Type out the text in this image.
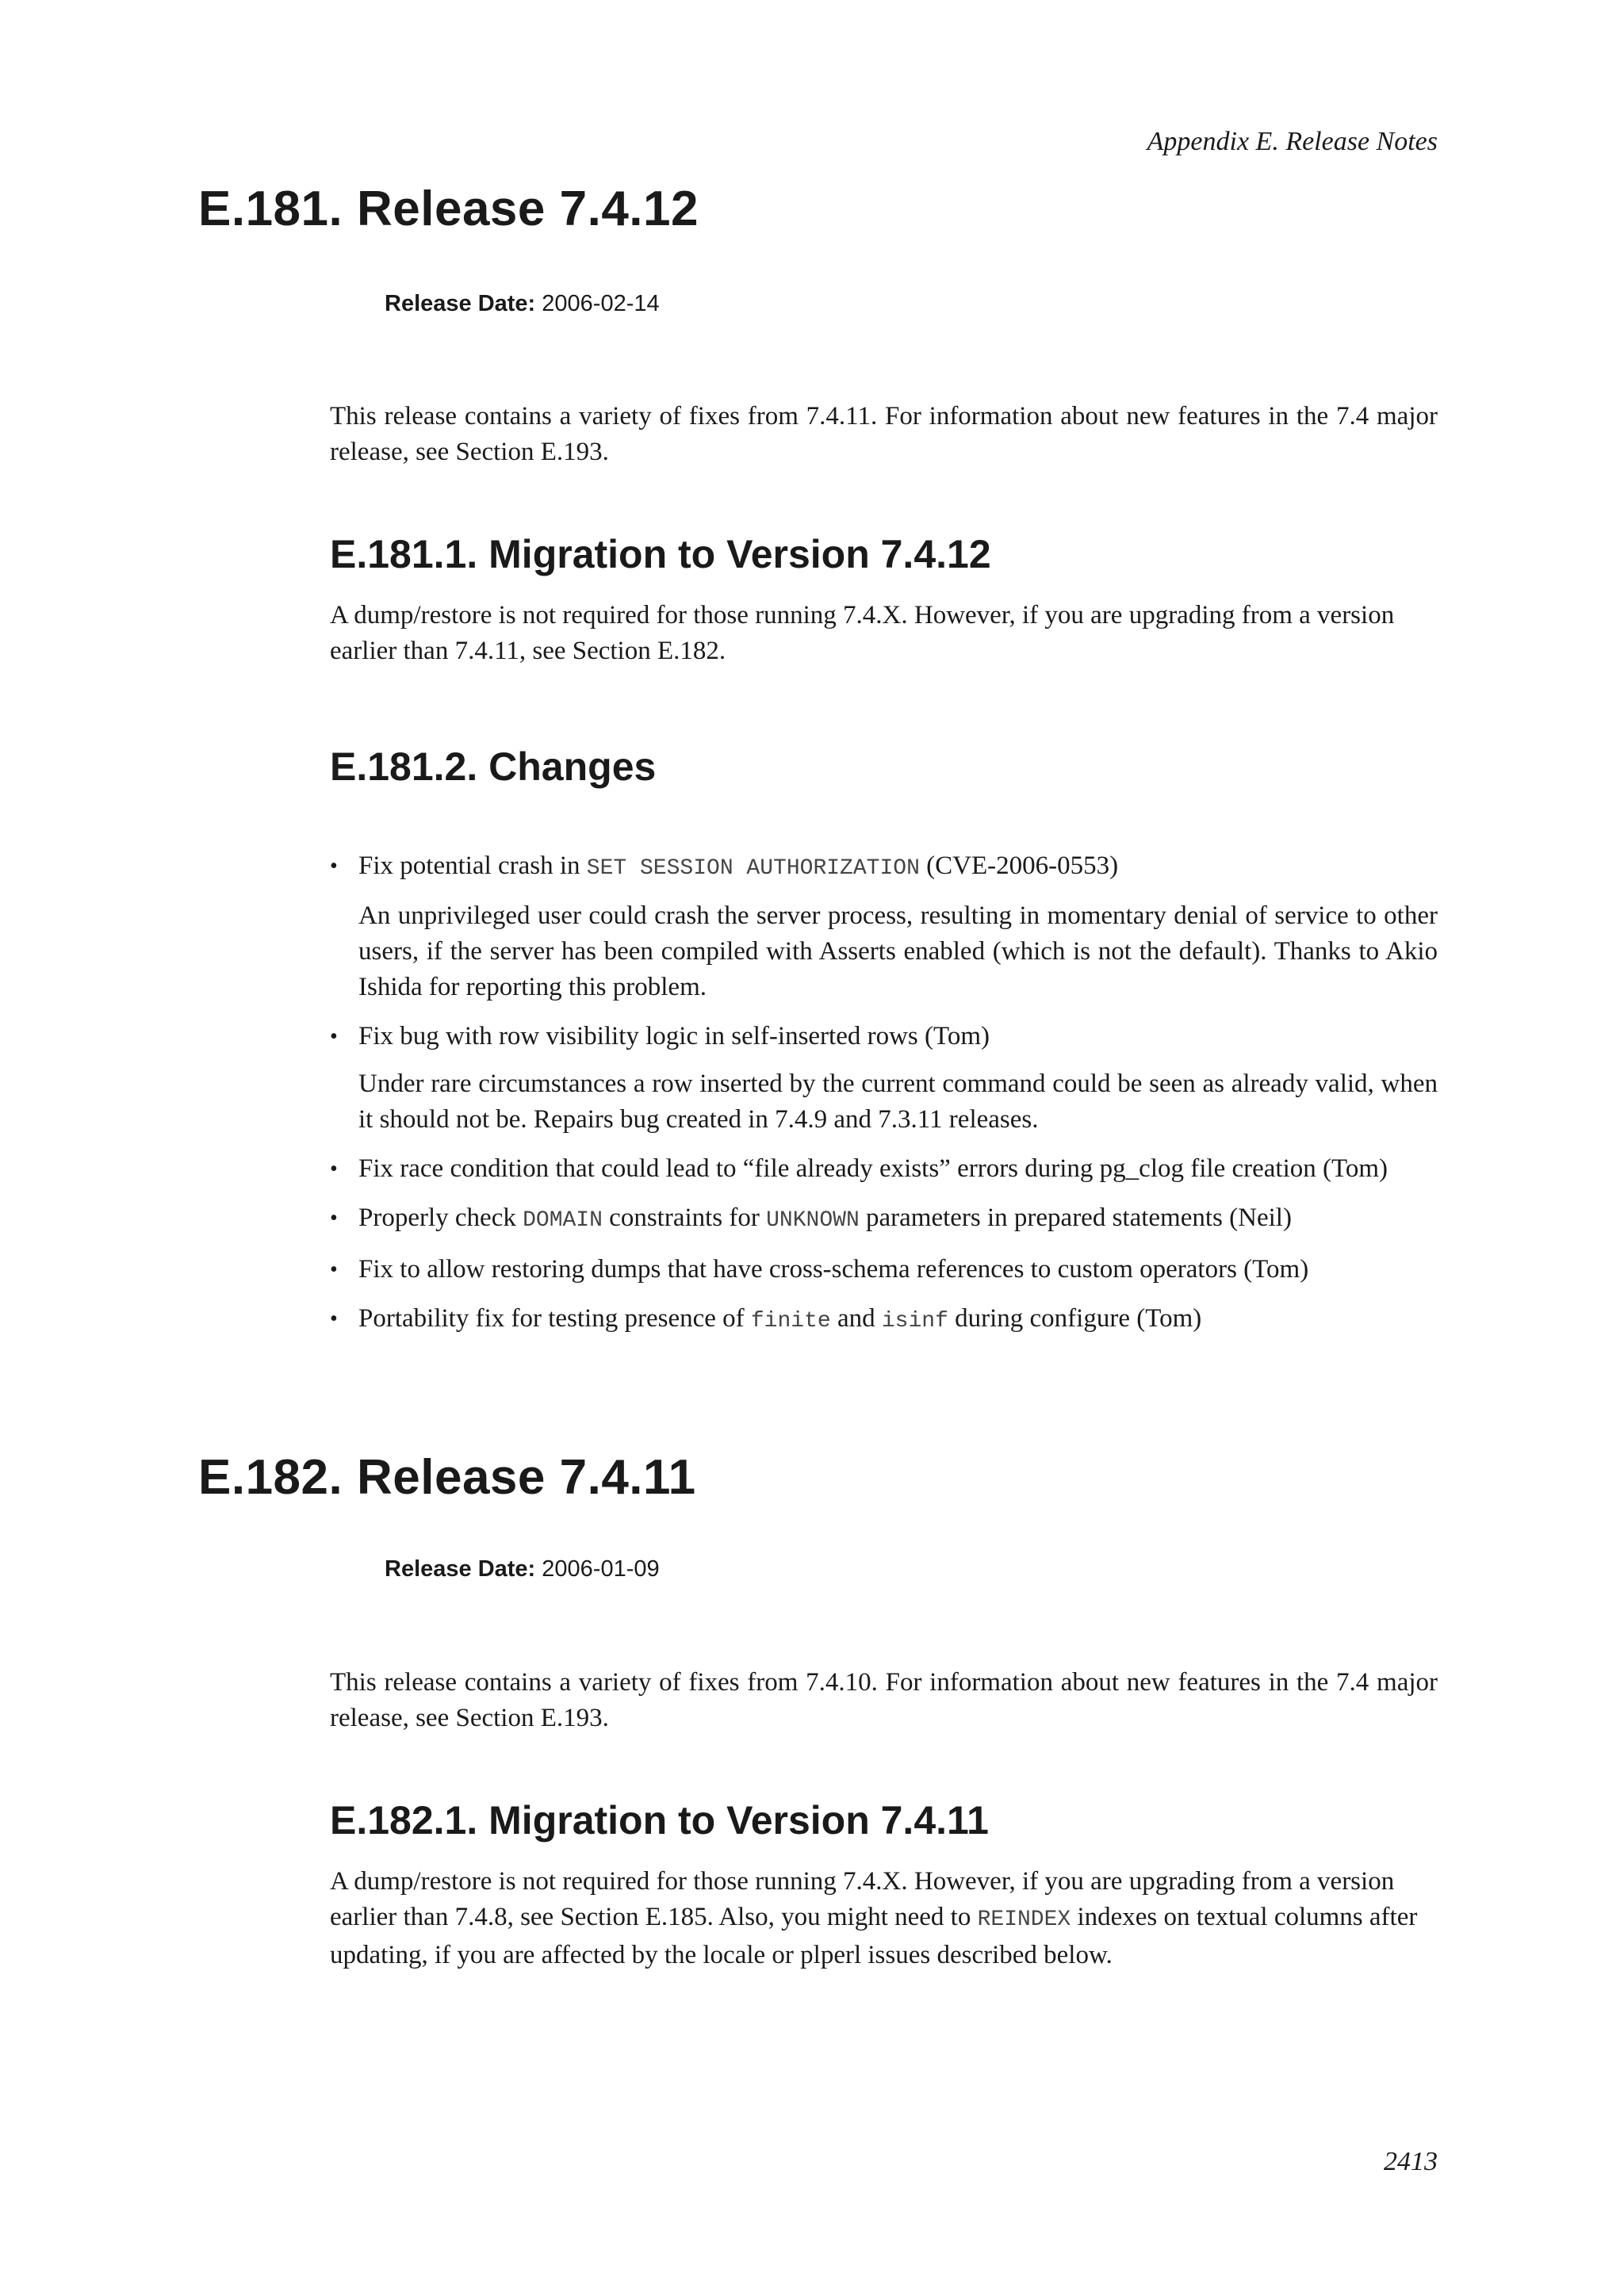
Appendix E. Release Notes
E.181. Release 7.4.12
Release Date: 2006-02-14

This release contains a variety of fixes from 7.4.11. For information about new features in the 7.4 major release, see Section E.193.

E.181.1. Migration to Version 7.4.12

A dump/restore is not required for those running 7.4.X. However, if you are upgrading from a version earlier than 7.4.11, see Section E.182.

E.181.2. Changes
• Fix potential crash in SET SESSION AUTHORIZATION (CVE-2006-0553)
An unprivileged user could crash the server process, resulting in momentary denial of service to other users, if the server has been compiled with Asserts enabled (which is not the default). Thanks to Akio Ishida for reporting this problem.
• Fix bug with row visibility logic in self-inserted rows (Tom)
Under rare circumstances a row inserted by the current command could be seen as already valid, when it should not be. Repairs bug created in 7.4.9 and 7.3.11 releases.
• Fix race condition that could lead to “file already exists” errors during pg_clog file creation (Tom)
• Properly check DOMAIN constraints for UNKNOWN parameters in prepared statements (Neil)
• Fix to allow restoring dumps that have cross-schema references to custom operators (Tom)
• Portability fix for testing presence of finite and isinf during configure (Tom)
E.182. Release 7.4.11
Release Date: 2006-01-09

This release contains a variety of fixes from 7.4.10. For information about new features in the 7.4 major release, see Section E.193.

E.182.1. Migration to Version 7.4.11

A dump/restore is not required for those running 7.4.X. However, if you are upgrading from a version earlier than 7.4.8, see Section E.185. Also, you might need to REINDEX indexes on textual columns after updating, if you are affected by the locale or plperl issues described below.

2413
